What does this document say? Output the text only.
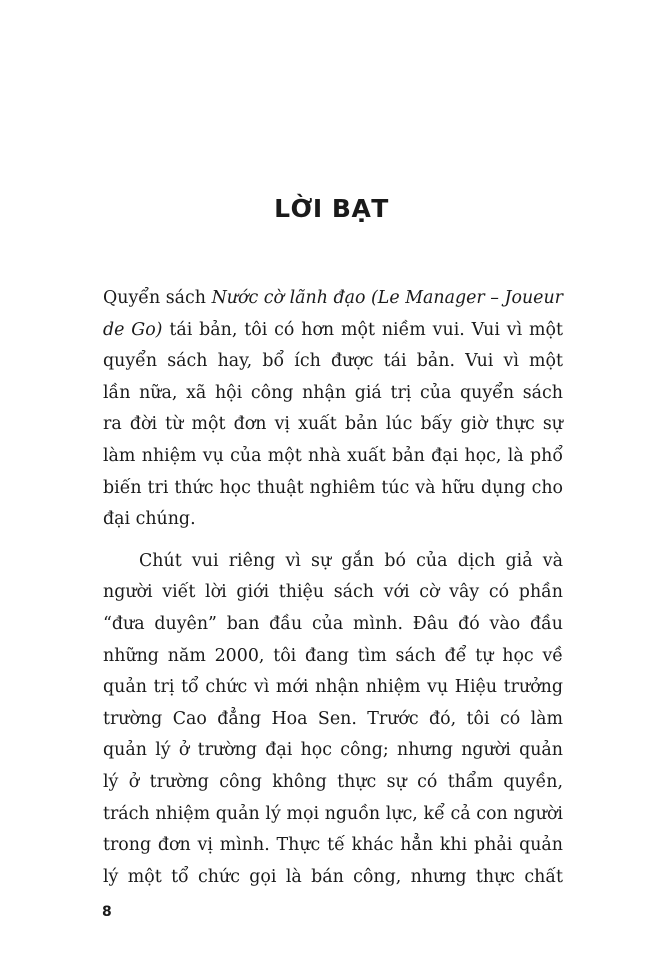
LỜI BẠT

Quyển sách Nước cờ lãnh đạo (Le Manager – Joueur
de Go) tái bản, tôi có hơn một niềm vui. Vui vì một
quyển sách hay, bổ ích được tái bản. Vui vì một
lần nữa, xã hội công nhận giá trị của quyển sách
ra đời từ một đơn vị xuất bản lúc bấy giờ thực sự
làm nhiệm vụ của một nhà xuất bản đại học, là phổ
biến tri thức học thuật nghiêm túc và hữu dụng cho
đại chúng.

Chút vui riêng vì sự gắn bó của dịch giả và
người viết lời giới thiệu sách với cờ vây có phần
“đưa duyên” ban đầu của mình. Đâu đó vào đầu
những năm 2000, tôi đang tìm sách để tự học về
quản trị tổ chức vì mới nhận nhiệm vụ Hiệu trưởng
trường Cao đẳng Hoa Sen. Trước đó, tôi có làm
quản lý ở trường đại học công; nhưng người quản
lý ở trường công không thực sự có thẩm quyền,
trách nhiệm quản lý mọi nguồn lực, kể cả con người
trong đơn vị mình. Thực tế khác hẳn khi phải quản
lý một tổ chức gọi là bán công, nhưng thực chất

8
